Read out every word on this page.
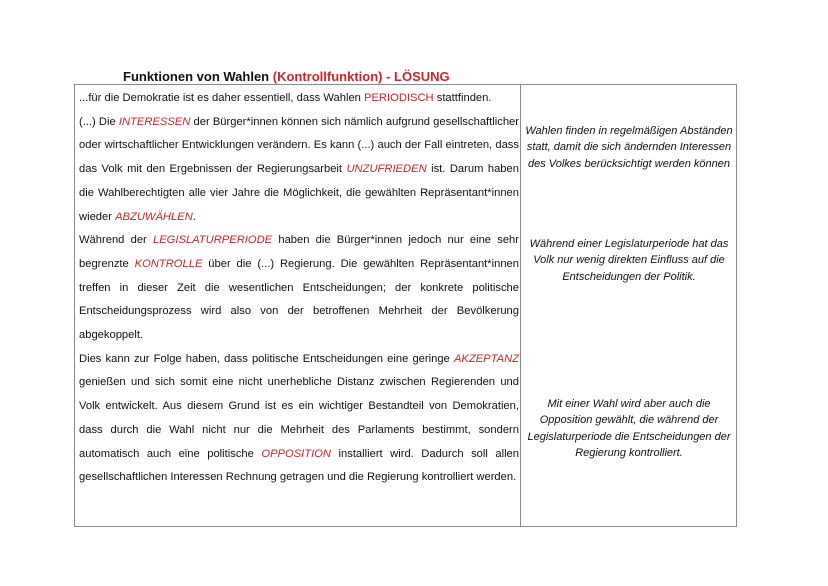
Funktionen von Wahlen (Kontrollfunktion) - LÖSUNG

...für die Demokratie ist es daher essentiell, dass Wahlen PERIODISCH stattfinden.

(...) Die INTERESSEN der Bürger*innen können sich nämlich aufgrund gesellschaftlicher oder wirtschaftlicher Entwicklungen verändern. Es kann (...) auch der Fall eintreten, dass das Volk mit den Ergebnissen der Regierungsarbeit UNZUFRIEDEN ist. Darum haben die Wahlberechtigten alle vier Jahre die Möglichkeit, die gewählten Repräsentant*innen wieder ABZUWÄHLEN.

Während der LEGISLATURPERIODE haben die Bürger*innen jedoch nur eine sehr begrenzte KONTROLLE über die (...) Regierung. Die gewählten Repräsentant*innen treffen in dieser Zeit die wesentlichen Entscheidungen; der konkrete politische Entscheidungsprozess wird also von der betroffenen Mehrheit der Bevölkerung abgekoppelt.

Dies kann zur Folge haben, dass politische Entscheidungen eine geringe AKZEPTANZ genießen und sich somit eine nicht unerhebliche Distanz zwischen Regierenden und Volk entwickelt. Aus diesem Grund ist es ein wichtiger Bestandteil von Demokratien, dass durch die Wahl nicht nur die Mehrheit des Parlaments bestimmt, sondern automatisch auch eine politische OPPOSITION installiert wird. Dadurch soll allen gesellschaftlichen Interessen Rechnung getragen und die Regierung kontrolliert werden.

Wahlen finden in regelmäßigen Abständen statt, damit die sich ändernden Interessen des Volkes berücksichtigt werden können

Während einer Legislaturperiode hat das Volk nur wenig direkten Einfluss auf die Entscheidungen der Politik.

Mit einer Wahl wird aber auch die Opposition gewählt, die während der Legislaturperiode die Entscheidungen der Regierung kontrolliert.
